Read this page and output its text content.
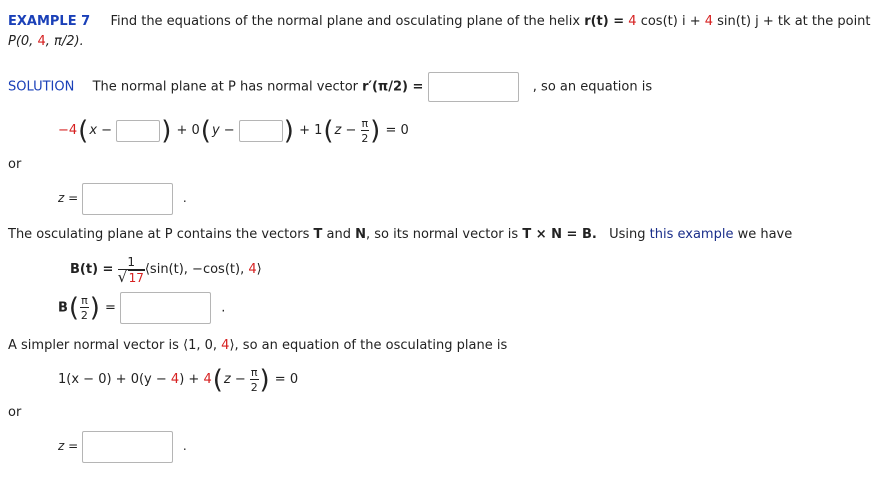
EXAMPLE 7 Find the equations of the normal plane and osculating plane of the helix r(t) = 4 cos(t) i + 4 sin(t) j + tk at the point
P(0, 4, π/2).
SOLUTION The normal plane at P has normal vector r′(π/2) =	, so an equation is
−4(x − ) + 0(y − ) + $1(z - \frac{\pi}{2}$ ) = 0
or
z =	.
The osculating plane at P contains the vectors T and N, so its normal vector is T × N = B. Using this example we have
$B(t) = \frac{1}{√ 17}$ ⟨sin(t), −cos(t), 4⟩
$B( \frac{\pi}{2}$ ) =	.
A simpler normal vector is ⟨1, 0, 4⟩, so an equation of the osculating plane is
$1(x - 0) + 0(y - 4) + 4(z - \frac{\pi}{2}$ ) = 0
or
z =	.
